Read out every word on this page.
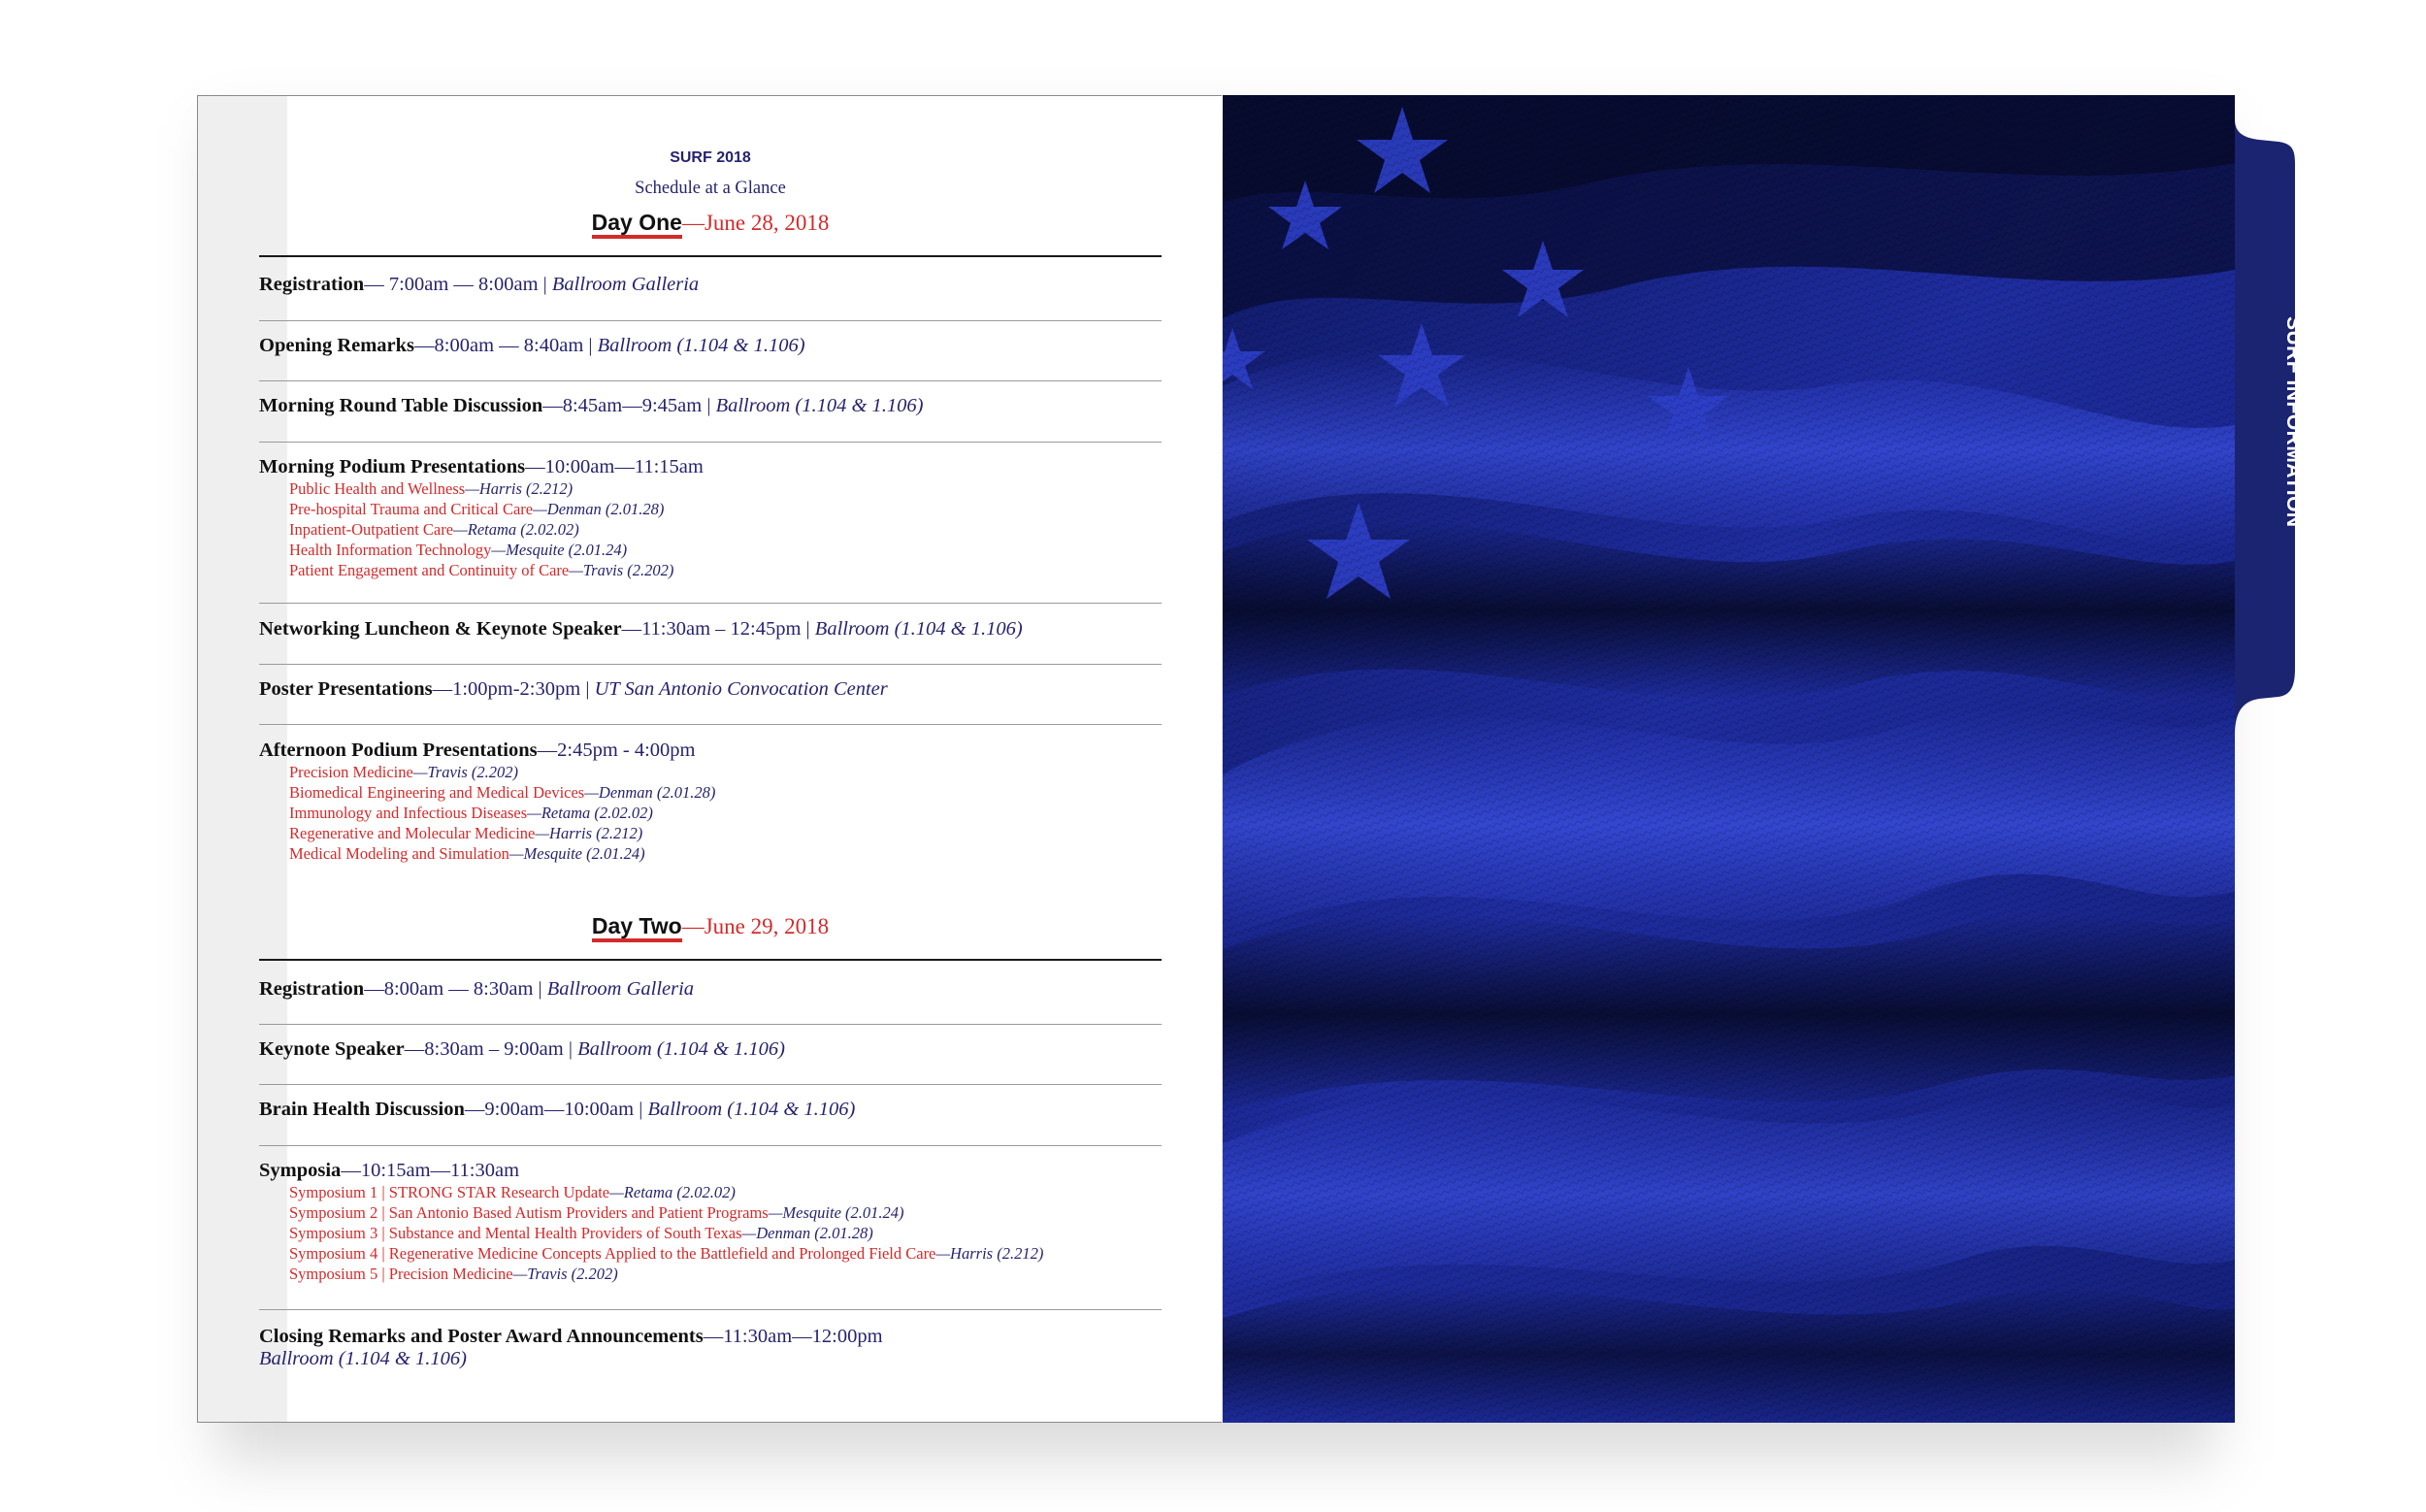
SURF 2018
Schedule at a Glance
Day One—June 28, 2018
Registration— 7:00am — 8:00am | Ballroom Galleria
Opening Remarks—8:00am — 8:40am | Ballroom (1.104 & 1.106)
Morning Round Table Discussion—8:45am—9:45am | Ballroom (1.104 & 1.106)
Morning Podium Presentations—10:00am—11:15am
Public Health and Wellness—Harris (2.212)
Pre-hospital Trauma and Critical Care—Denman (2.01.28)
Inpatient-Outpatient Care—Retama (2.02.02)
Health Information Technology—Mesquite (2.01.24)
Patient Engagement and Continuity of Care—Travis (2.202)
Networking Luncheon & Keynote Speaker—11:30am – 12:45pm | Ballroom (1.104 & 1.106)
Poster Presentations—1:00pm-2:30pm | UT San Antonio Convocation Center
Afternoon Podium Presentations—2:45pm - 4:00pm
Precision Medicine—Travis (2.202)
Biomedical Engineering and Medical Devices—Denman (2.01.28)
Immunology and Infectious Diseases—Retama (2.02.02)
Regenerative and Molecular Medicine—Harris (2.212)
Medical Modeling and Simulation—Mesquite (2.01.24)
Day Two—June 29, 2018
Registration—8:00am — 8:30am | Ballroom Galleria
Keynote Speaker—8:30am – 9:00am | Ballroom (1.104 & 1.106)
Brain Health Discussion—9:00am—10:00am | Ballroom (1.104 & 1.106)
Symposia—10:15am—11:30am
Symposium 1 | STRONG STAR Research Update—Retama (2.02.02)
Symposium 2 | San Antonio Based Autism Providers and Patient Programs—Mesquite (2.01.24)
Symposium 3 | Substance and Mental Health Providers of South Texas—Denman (2.01.28)
Symposium 4 | Regenerative Medicine Concepts Applied to the Battlefield and Prolonged Field Care—Harris (2.212)
Symposium 5 | Precision Medicine—Travis (2.202)
Closing Remarks and Poster Award Announcements—11:30am—12:00pm
Ballroom (1.104 & 1.106)
SURF INFORMATION
